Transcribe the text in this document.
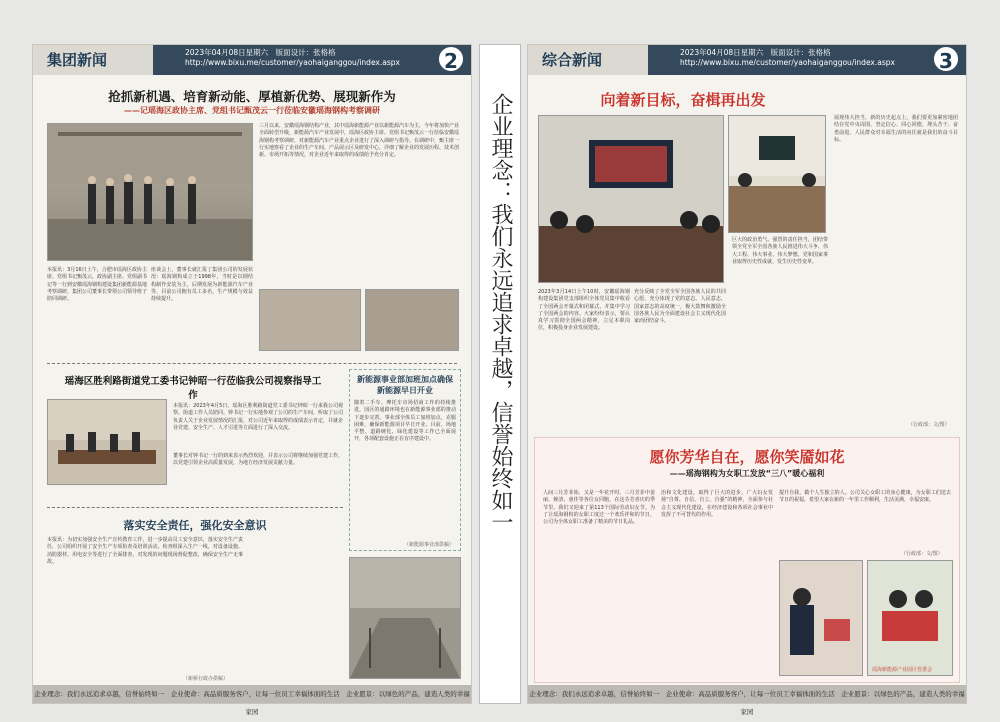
集团新闻	2023年04月08日星期六　版面设计：张格格
http://www.bixu.me/customer/yaohaiganggou/index.aspx	2
抢抓新机遇、培育新动能、厚植新优势、展现新作为
——记瑶海区政协主席、党组书记甄茂云一行莅临安徽瑶海钢构考察调研
三月以来，安徽瑶海钢结构产业，其中瑶海新能源产业以新能源汽车为主，今年将加快产业全面转型升级，新能源汽车产业发展中，瑶海区政协主席、党组书记甄茂云一行莅临安徽瑶海钢构考察调研，对新能源汽车产业重点企业进行了深入调研与指导。在调研中，甄主席一行实地察看了企业的生产车间、产品展示区及研发中心，详细了解企业的发展历程、技术创新、市场开拓等情况，对企业近年来取得的成绩给予充分肯定。
本报讯：3月16日上午，合肥市瑶海区政协主席、党组书记甄茂云，政协副主席、党组副书记等一行到安徽瑶海钢构建设集团新能源基地考察调研，集团公司董事长带领公司领导班子陪同调研。
座谈会上，董事长就汇报了集团公司的发展状况：瑶海钢构成立于1998年，当时是以钢结构制作安装为主，后期发展为新能源汽车产业等，目前公司拥有员工多名，生产规模与效益持续提升。
瑶海区胜利路街道党工委书记钟昭一行莅临我公司视察指导工作
本报讯：2023年4月5日，瑶海区胜利路街道党工委书记钟昭一行来我公司视察，街道工作人员陪同。钟书记一行实地参观了公司的生产车间，听取了公司负责人关于企业发展情况的汇报，对公司近年来取得的成绩表示肯定，并就企业党建、安全生产、人才引进等方面进行了深入交流。
董事长对钟书记一行的到来表示热烈欢迎，并表示公司将继续加强党建工作，以党建引领企业高质量发展，为地方经济发展贡献力量。
新能源事业部加班加点确保新能源早日开业
随着二手车、摩托车市场招商工作的持续推进，园区的通路环境也在新能源事业部的推动下逐步完善。事业部全体员工加班加点，克服困难，确保新能源项目早日开业。目前，场地平整、道路硬化、绿化建设等工作已全面展开，各项配套设施正在有序建设中。
（新能源事业部供稿）
落实安全责任，强化安全意识
本报讯：为切实加强安全生产宣传教育工作，进一步提高员工安全意识，落实安全生产责任，公司组织开展了安全生产专项检查及培训活动。检查组深入生产一线，对设备设施、消防器材、用电安全等进行了全面排查，对发现的问题现场督促整改，确保安全生产无事故。
（新桥行政办供稿）
企业理念：我们永远追求卓越，信誉始终如一　企业使命：高品质服务客户，让每一位员工幸福体面的生活　企业愿景：以绿色的产品，建造人类的幸福家园
企业理念：我们永远追求卓越，信誉始终如一
综合新闻	2023年04月08日星期六　版面设计：张格格
http://www.bixu.me/customer/yaohaiganggou/index.aspx	3
向着新目标，奋楫再出发
2023年3月14日上午10时，安徽瑶海钢构建设集团党支部组织全体党员集中收看了全国两会开幕式和闭幕式，并集中学习了全国两会的内容。大家纷纷表示，要认真学习贯彻全国两会精神，立足本职岗位，积极投身企业发展建设。
充分反映了全党全军全国各族人民的共同心愿，充分体现了党的意志。人民意志，国家意志的高度统一，极大鼓舞和激励全国各族人民为全面建设社会主义现代化国家而团结奋斗。
巨大的政治勇气、强烈的责任担当，团结带领全党全军全国各族人民推进伟大斗争、伟大工程、伟大事业、伟大梦想，党和国家事业取得历史性成就、发生历史性变革。
展现伟大担当，新的历史起点上，我们要更加紧密地团结在党中央周围，坚定信心、同心同德，埋头苦干、奋勇前进。人民群众对幸福生活的向往就是我们的奋斗目标。
（行政部：文/图）
愿你芳华自在，愿你笑靥如花
——瑶海钢构为女职工发放“三八”暖心福利
人间三月芳菲始，又是一年花开时。三月芳菲中姜丽、婉清、童佳等各位女同胞，在这芬芳喜庆的季节里，我们又迎来了第113个国际劳动妇女节。为了让瑶海钢构的女职工度过一个欢乐祥和的节日，公司为全体女职工准备了精美的节日礼品。
治和文化建设，取得了巨大的进步。广大妇女发扬“自尊、自信、自立、自强”的精神，全面参与社会主义现代化建设，在经济建设和各项社会事业中发挥了不可替代的作用。
提升自我，做个人生独立的人。公司关心女职工的身心健康，为女职工们送去节日的祝福，希望大家在新的一年里工作顺利，生活美满，幸福安康。
（行政部：文/图）
瑶海新能源产业园区管委会
企业理念：我们永远追求卓越，信誉始终如一　企业使命：高品质服务客户，让每一位员工幸福体面的生活　企业愿景：以绿色的产品，建造人类的幸福家园
